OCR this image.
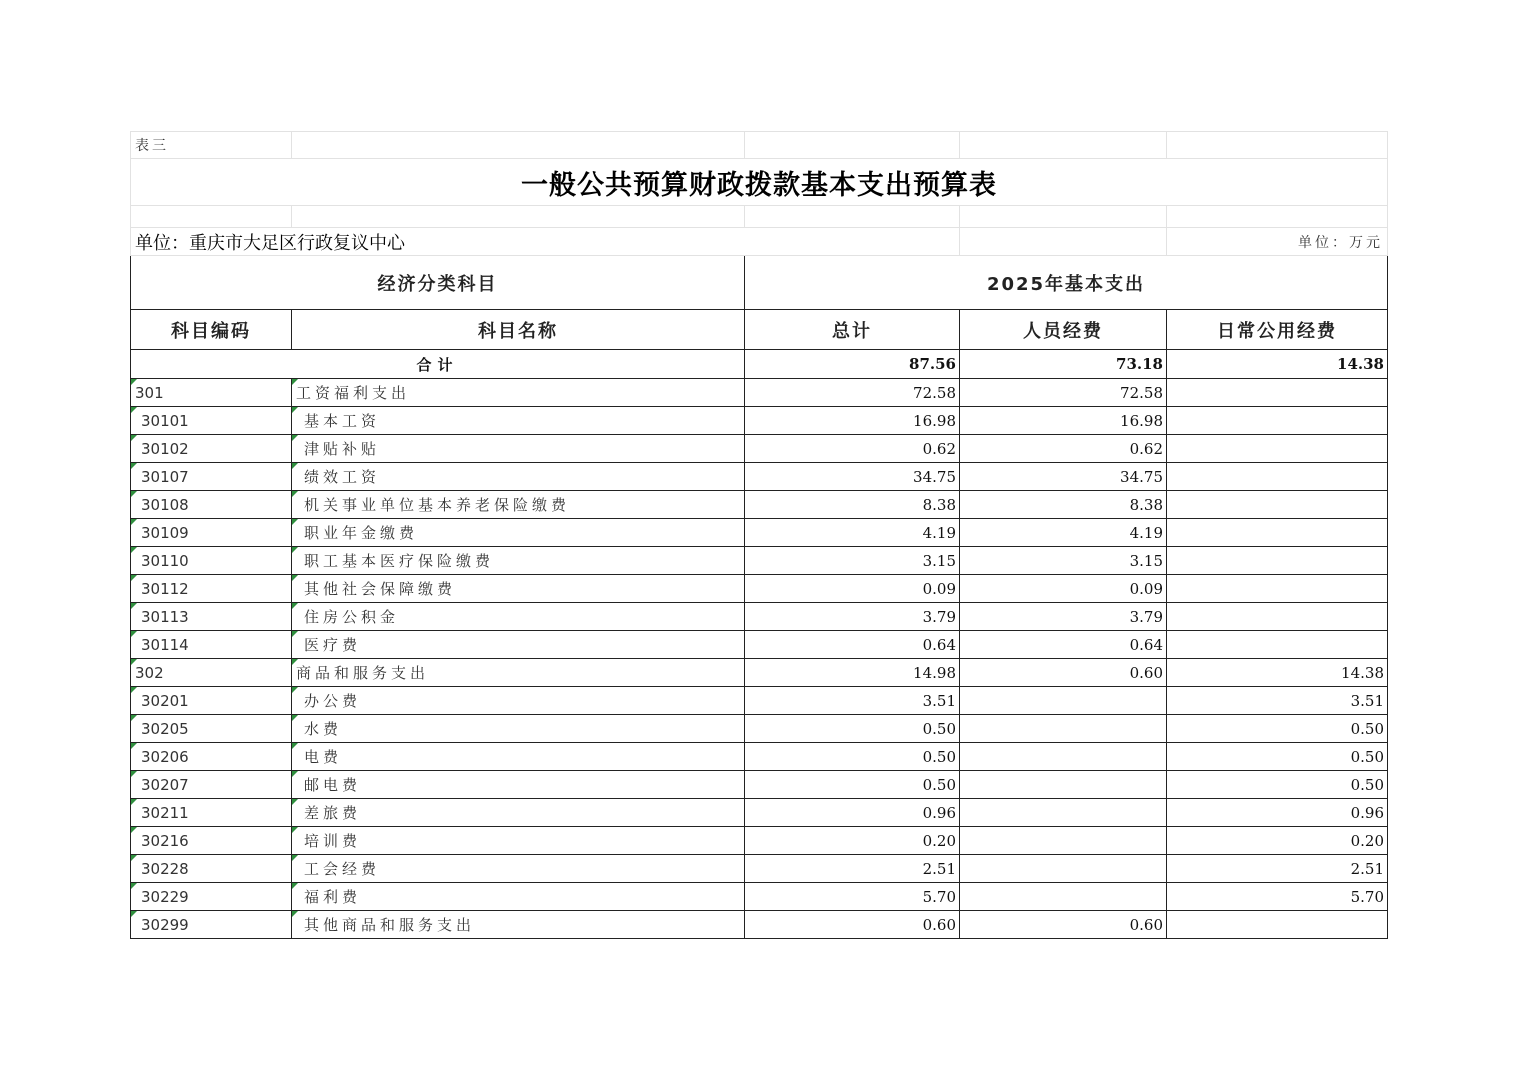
表三				
一般公共预算财政拨款基本支出预算表				

单位：重庆市大足区行政复议中心				单位：万元
经济分类科目		2025年基本支出		
科目编码	科目名称	总计	人员经费	日常公用经费
合计		87.56	73.18	14.38
301	工资福利支出	72.58	72.58	
30101	基本工资	16.98	16.98	
30102	津贴补贴	0.62	0.62	
30107	绩效工资	34.75	34.75	
30108	机关事业单位基本养老保险缴费	8.38	8.38	
30109	职业年金缴费	4.19	4.19	
30110	职工基本医疗保险缴费	3.15	3.15	
30112	其他社会保障缴费	0.09	0.09	
30113	住房公积金	3.79	3.79	
30114	医疗费	0.64	0.64	
302	商品和服务支出	14.98	0.60	14.38
30201	办公费	3.51		3.51
30205	水费	0.50		0.50
30206	电费	0.50		0.50
30207	邮电费	0.50		0.50
30211	差旅费	0.96		0.96
30216	培训费	0.20		0.20
30228	工会经费	2.51		2.51
30229	福利费	5.70		5.70
30299	其他商品和服务支出	0.60	0.60	
